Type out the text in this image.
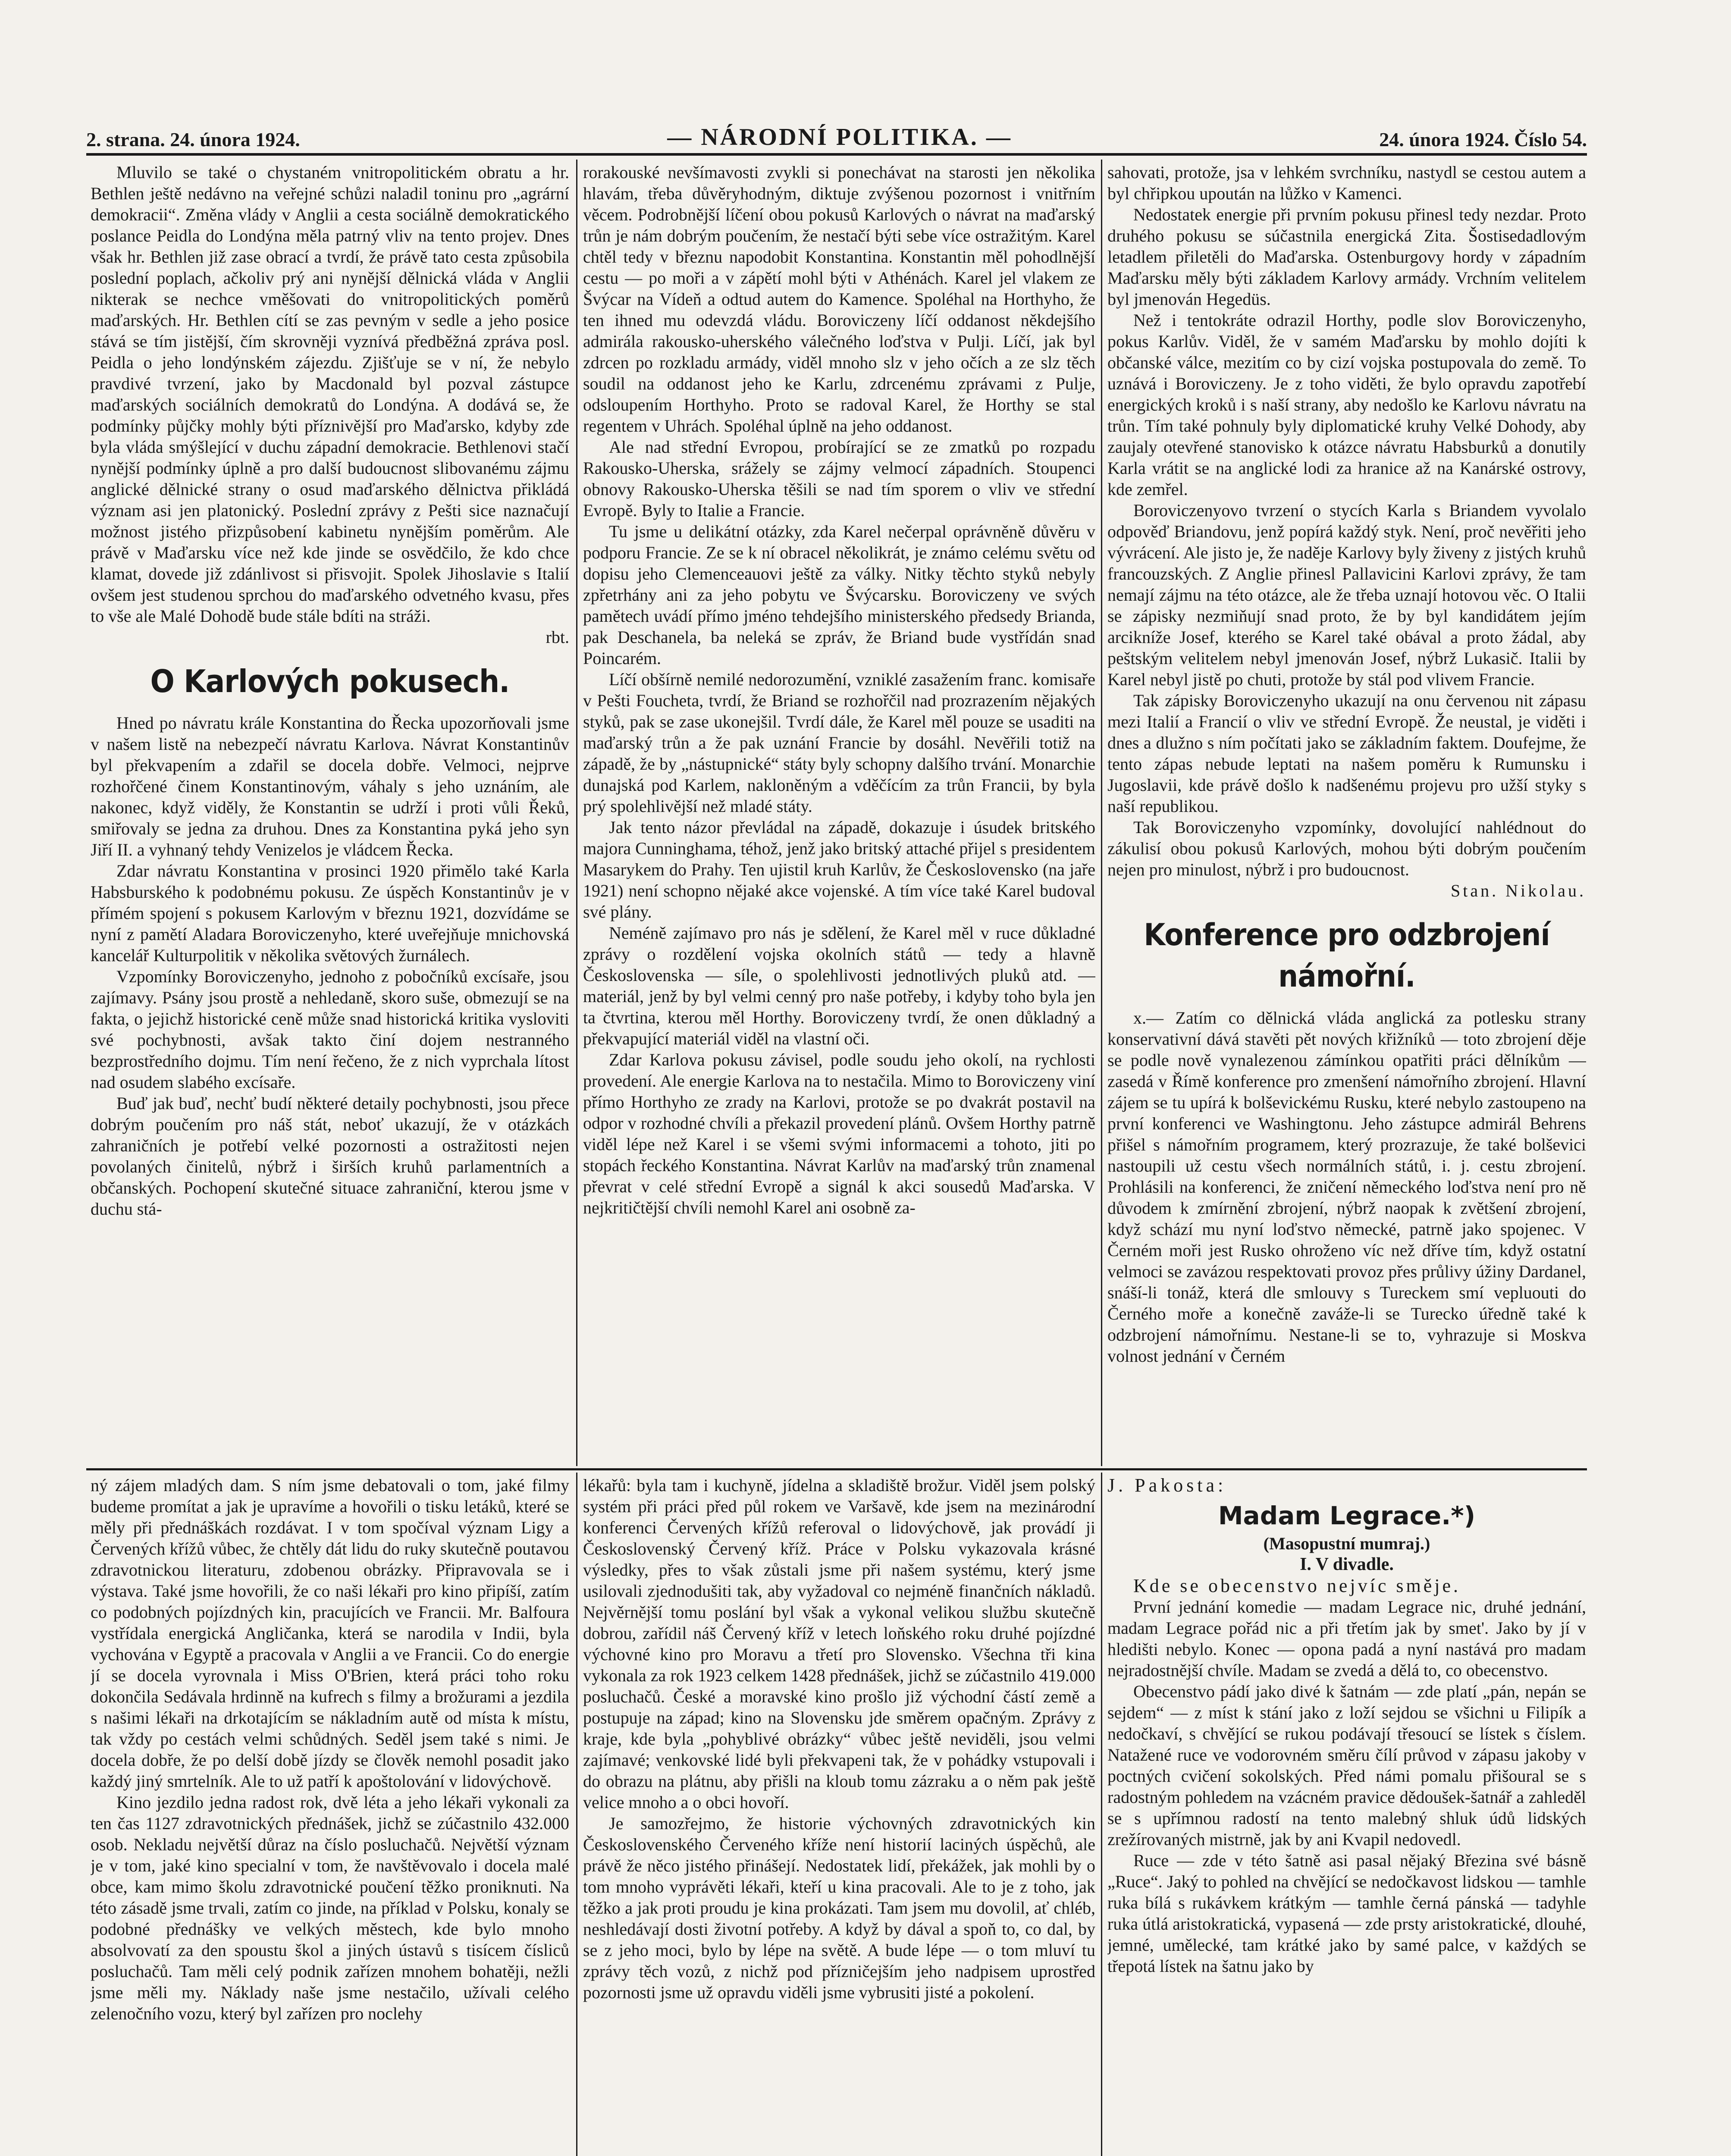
2. strana. 24. února 1924.	— NÁRODNÍ POLITIKA. —	24. února 1924. Číslo 54.

Mluvilo se také o chystaném vnitropolitickém obratu a hr. Bethlen ještě nedávno na veřejné schůzi naladil toninu pro „agrární demokracii“. Změna vlády v Anglii a cesta sociálně demokratického poslance Peidla do Londýna měla patrný vliv na tento projev. Dnes však hr. Bethlen již zase obrací a tvrdí, že právě tato cesta způsobila poslední poplach, ačkoliv prý ani nynější dělnická vláda v Anglii nikterak se nechce vměšovati do vnitropolitických poměrů maďarských. Hr. Bethlen cítí se zas pevným v sedle a jeho posice stává se tím jistější, čím skrovněji vyznívá předběžná zpráva posl. Peidla o jeho londýnském zájezdu. Zjišťuje se v ní, že nebylo pravdivé tvrzení, jako by Macdonald byl pozval zástupce maďarských sociálních demokratů do Londýna. A dodává se, že podmínky půjčky mohly býti příznivější pro Maďarsko, kdyby zde byla vláda smýšlející v duchu západní demokracie. Bethlenovi stačí nynější podmínky úplně a pro další budoucnost slibovanému zájmu anglické dělnické strany o osud maďarského dělnictva přikládá význam asi jen platonický. Poslední zprávy z Pešti sice naznačují možnost jistého přizpůsobení kabinetu nynějším poměrům. Ale právě v Maďarsku více než kde jinde se osvědčilo, že kdo chce klamat, dovede již zdánlivost si přisvojit. Spolek Jihoslavie s Italií ovšem jest studenou sprchou do maďarského odvetného kvasu, přes to vše ale Malé Dohodě bude stále bdíti na stráži.

rbt.

O Karlových pokusech.

Hned po návratu krále Konstantina do Řecka upozorňovali jsme v našem listě na nebezpečí návratu Karlova. Návrat Konstantinův byl překvapením a zdařil se docela dobře. Velmoci, nejprve rozhořčené činem Konstantinovým, váhaly s jeho uznáním, ale nakonec, když viděly, že Konstantin se udrží i proti vůli Řeků, smiřovaly se jedna za druhou. Dnes za Konstantina pyká jeho syn Jiří II. a vyhnaný tehdy Venizelos je vládcem Řecka.

Zdar návratu Konstantina v prosinci 1920 přimělo také Karla Habsburského k podobnému pokusu. Ze úspěch Konstantinův je v přímém spojení s pokusem Karlovým v březnu 1921, dozvídáme se nyní z pamětí Aladara Boroviczenyho, které uveřejňuje mnichovská kancelář Kulturpolitik v několika světových žurnálech.

Vzpomínky Boroviczenyho, jednoho z pobočníků excísaře, jsou zajímavy. Psány jsou prostě a nehledaně, skoro suše, obmezují se na fakta, o jejichž historické ceně může snad historická kritika vysloviti své pochybnosti, avšak takto činí dojem nestranného bezprostředního dojmu. Tím není řečeno, že z nich vyprchala lítost nad osudem slabého excísaře.

Buď jak buď, nechť budí některé detaily pochybnosti, jsou přece dobrým poučením pro náš stát, neboť ukazují, že v otázkách zahraničních je potřebí velké pozornosti a ostražitosti nejen povolaných činitelů, nýbrž i širších kruhů parlamentních a občanských. Pochopení skutečné situace zahraniční, kterou jsme v duchu stá-

rorakouské nevšímavosti zvykli si ponechávat na starosti jen několika hlavám, třeba důvěryhodným, diktuje zvýšenou pozornost i vnitřním věcem. Podrobnější líčení obou pokusů Karlových o návrat na maďarský trůn je nám dobrým poučením, že nestačí býti sebe více ostražitým. Karel chtěl tedy v březnu napodobit Konstantina. Konstantin měl pohodlnější cestu — po moři a v zápětí mohl býti v Athénách. Karel jel vlakem ze Švýcar na Vídeň a odtud autem do Kamence. Spoléhal na Horthyho, že ten ihned mu odevzdá vládu. Boroviczeny líčí oddanost někdejšího admirála rakousko-uherského válečného loďstva v Pulji. Líčí, jak byl zdrcen po rozkladu armády, viděl mnoho slz v jeho očích a ze slz těch soudil na oddanost jeho ke Karlu, zdrcenému zprávami z Pulje, odsloupením Horthyho. Proto se radoval Karel, že Horthy se stal regentem v Uhrách. Spoléhal úplně na jeho oddanost.

Ale nad střední Evropou, probírající se ze zmatků po rozpadu Rakousko-Uherska, srážely se zájmy velmocí západních. Stoupenci obnovy Rakousko-Uherska těšili se nad tím sporem o vliv ve střední Evropě. Byly to Italie a Francie.

Tu jsme u delikátní otázky, zda Karel nečerpal oprávněně důvěru v podporu Francie. Ze se k ní obracel několikrát, je známo celému světu od dopisu jeho Clemenceauovi ještě za války. Nitky těchto styků nebyly zpřetrhány ani za jeho pobytu ve Švýcarsku. Boroviczeny ve svých pamětech uvádí přímo jméno tehdejšího ministerského předsedy Brianda, pak Deschanela, ba neleká se zpráv, že Briand bude vystřídán snad Poincarém.

Líčí obšírně nemilé nedorozumění, vzniklé zasažením franc. komisaře v Pešti Foucheta, tvrdí, že Briand se rozhořčil nad prozrazením nějakých styků, pak se zase ukonejšil. Tvrdí dále, že Karel měl pouze se usaditi na maďarský trůn a že pak uznání Francie by dosáhl. Nevěřili totiž na západě, že by „nástupnické“ státy byly schopny dalšího trvání. Monarchie dunajská pod Karlem, nakloněným a vděčícím za trůn Francii, by byla prý spolehlivější než mladé státy.

Jak tento názor převládal na západě, dokazuje i úsudek britského majora Cunninghama, téhož, jenž jako britský attaché přijel s presidentem Masarykem do Prahy. Ten ujistil kruh Karlův, že Československo (na jaře 1921) není schopno nějaké akce vojenské. A tím více také Karel budoval své plány.

Neméně zajímavo pro nás je sdělení, že Karel měl v ruce důkladné zprávy o rozdělení vojska okolních států — tedy a hlavně Československa — síle, o spolehlivosti jednotlivých pluků atd. — materiál, jenž by byl velmi cenný pro naše potřeby, i kdyby toho byla jen ta čtvrtina, kterou měl Horthy. Boroviczeny tvrdí, že onen důkladný a překvapující materiál viděl na vlastní oči.

Zdar Karlova pokusu závisel, podle soudu jeho okolí, na rychlosti provedení. Ale energie Karlova na to nestačila. Mimo to Boroviczeny viní přímo Horthyho ze zrady na Karlovi, protože se po dvakrát postavil na odpor v rozhodné chvíli a překazil provedení plánů. Ovšem Horthy patrně viděl lépe než Karel i se všemi svými informacemi a tohoto, jiti po stopách řeckého Konstantina. Návrat Karlův na maďarský trůn znamenal převrat v celé střední Evropě a signál k akci sousedů Maďarska. V nejkritičtější chvíli nemohl Karel ani osobně za-

sahovati, protože, jsa v lehkém svrchníku, nastydl se cestou autem a byl chřipkou upoután na lůžko v Kamenci.

Nedostatek energie při prvním pokusu přinesl tedy nezdar. Proto druhého pokusu se súčastnila energická Zita. Šostisedadlovým letadlem přiletěli do Maďarska. Ostenburgovy hordy v západním Maďarsku měly býti základem Karlovy armády. Vrchním velitelem byl jmenován Hegedüs.

Než i tentokráte odrazil Horthy, podle slov Boroviczenyho, pokus Karlův. Viděl, že v samém Maďarsku by mohlo dojíti k občanské válce, mezitím co by cizí vojska postupovala do země. To uznává i Boroviczeny. Je z toho viděti, že bylo opravdu zapotřebí energických kroků i s naší strany, aby nedošlo ke Karlovu návratu na trůn. Tím také pohnuly byly diplomatické kruhy Velké Dohody, aby zaujaly otevřené stanovisko k otázce návratu Habsburků a donutily Karla vrátit se na anglické lodi za hranice až na Kanárské ostrovy, kde zemřel.

Boroviczenyovo tvrzení o stycích Karla s Briandem vyvolalo odpověď Briandovu, jenž popírá každý styk. Není, proč nevěřiti jeho vývrácení. Ale jisto je, že naděje Karlovy byly živeny z jistých kruhů francouzských. Z Anglie přinesl Pallavicini Karlovi zprávy, že tam nemají zájmu na této otázce, ale že třeba uznají hotovou věc. O Italii se zápisky nezmiňují snad proto, že by byl kandidátem jejím arcikníže Josef, kterého se Karel také obával a proto žádal, aby peštským velitelem nebyl jmenován Josef, nýbrž Lukasič. Italii by Karel nebyl jistě po chuti, protože by stál pod vlivem Francie.

Tak zápisky Boroviczenyho ukazují na onu červenou nit zápasu mezi Italií a Francií o vliv ve střední Evropě. Že neustal, je viděti i dnes a dlužno s ním počítati jako se základním faktem. Doufejme, že tento zápas nebude leptati na našem poměru k Rumunsku i Jugoslavii, kde právě došlo k nadšenému projevu pro užší styky s naší republikou.

Tak Boroviczenyho vzpomínky, dovolující nahlédnout do zákulisí obou pokusů Karlových, mohou býti dobrým poučením nejen pro minulost, nýbrž i pro budoucnost.

Stan. Nikolau.

Konference pro odzbrojení námořní.

x.— Zatím co dělnická vláda anglická za potlesku strany konservativní dává stavěti pět nových křižníků — toto zbrojení děje se podle nově vynalezenou zámínkou opatřiti práci dělníkům — zasedá v Římě konference pro zmenšení námořního zbrojení. Hlavní zájem se tu upírá k bolševickému Rusku, které nebylo zastoupeno na první konferenci ve Washingtonu. Jeho zástupce admirál Behrens přišel s námořním programem, který prozrazuje, že také bolševici nastoupili už cestu všech normálních států, i. j. cestu zbrojení. Prohlásili na konferenci, že zničení německého loďstva není pro ně důvodem k zmírnění zbrojení, nýbrž naopak k zvětšení zbrojení, když schází mu nyní loďstvo německé, patrně jako spojenec. V Černém moři jest Rusko ohroženo víc než dříve tím, když ostatní velmoci se zavázou respektovati provoz přes průlivy úžiny Dardanel, snáší-li tonáž, která dle smlouvy s Tureckem smí vepluouti do Černého moře a konečně zaváže-li se Turecko úředně také k odzbrojení námořnímu. Nestane-li se to, vyhrazuje si Moskva volnost jednání v Černém

ný zájem mladých dam. S ním jsme debatovali o tom, jaké filmy budeme promítat a jak je upravíme a hovořili o tisku letáků, které se měly při přednáškách rozdávat. I v tom spočíval význam Ligy a Červených křížů vůbec, že chtěly dát lidu do ruky skutečně poutavou zdravotnickou literaturu, zdobenou obrázky. Připravovala se i výstava. Také jsme hovořili, že co naši lékaři pro kino připíší, zatím co podobných pojízdných kin, pracujících ve Francii. Mr. Balfoura vystřídala energická Angličanka, která se narodila v Indii, byla vychována v Egyptě a pracovala v Anglii a ve Francii. Co do energie jí se docela vyrovnala i Miss O'Brien, která práci toho roku dokončila Sedávala hrdinně na kufrech s filmy a brožurami a jezdila s našimi lékaři na drkotajícím se nákladním autě od místa k místu, tak vždy po cestách velmi schůdných. Seděl jsem také s nimi. Je docela dobře, že po delší době jízdy se člověk nemohl posadit jako každý jiný smrtelník. Ale to už patří k apoštolování v lidovýchově.

Kino jezdilo jedna radost rok, dvě léta a jeho lékaři vykonali za ten čas 1127 zdravotnických přednášek, jichž se zúčastnilo 432.000 osob. Nekladu největší důraz na číslo posluchačů. Největší význam je v tom, jaké kino specialní v tom, že navštěvovalo i docela malé obce, kam mimo školu zdravotnické poučení těžko proniknuti. Na této zásadě jsme trvali, zatím co jinde, na příklad v Polsku, konaly se podobné přednášky ve velkých městech, kde bylo mnoho absolvovatí za den spoustu škol a jiných ústavů s tisícem čísliců posluchačů. Tam měli celý podnik zařízen mnohem bohatěji, nežli jsme měli my. Náklady naše jsme nestačilo, užívali celého zelenočního vozu, který byl zařízen pro noclehy

lékařů: byla tam i kuchyně, jídelna a skladiště brožur. Viděl jsem polský systém při práci před půl rokem ve Varšavě, kde jsem na mezinárodní konferenci Červených křížů referoval o lidovýchově, jak provádí ji Československý Červený kříž. Práce v Polsku vykazovala krásné výsledky, přes to však zůstali jsme při našem systému, který jsme usilovali zjednodušiti tak, aby vyžadoval co nejméně finančních nákladů. Nejvěrnější tomu poslání byl však a vykonal velikou službu skutečně dobrou, zařídil náš Červený kříž v letech loňského roku druhé pojízdné výchovné kino pro Moravu a třetí pro Slovensko. Všechna tři kina vykonala za rok 1923 celkem 1428 přednášek, jichž se zúčastnilo 419.000 posluchačů. České a moravské kino prošlo již východní částí země a postupuje na západ; kino na Slovensku jde směrem opačným. Zprávy z kraje, kde byla „pohyblivé obrázky“ vůbec ještě neviděli, jsou velmi zajímavé; venkovské lidé byli překvapeni tak, že v pohádky vstupovali i do obrazu na plátnu, aby přišli na kloub tomu zázraku a o něm pak ještě velice mnoho a o obci hovoří.

Je samozřejmo, že historie výchovných zdravotnických kin Československého Červeného kříže není historií laciných úspěchů, ale právě že něco jistého přinášejí. Nedostatek lidí, překážek, jak mohli by o tom mnoho vyprávěti lékaři, kteří u kina pracovali. Ale to je z toho, jak těžko a jak proti proudu je kina prokázati. Tam jsem mu dovolil, ať chléb, neshledávají dosti životní potřeby. A když by dával a spoň to, co dal, by se z jeho moci, bylo by lépe na světě. A bude lépe — o tom mluví tu zprávy těch vozů, z nichž pod přízničejším jeho nadpisem uprostřed pozornosti jsme už opravdu viděli jsme vybrusiti jisté a pokolení.

J. Pakosta:

Madam Legrace.*)

(Masopustní mumraj.)

I. V divadle.

Kde se obecenstvo nejvíc směje.

První jednání komedie — madam Legrace nic, druhé jednání, madam Legrace pořád nic a při třetím jak by smet'. Jako by jí v hledišti nebylo. Konec — opona padá a nyní nastává pro madam nejradostnější chvíle. Madam se zvedá a dělá to, co obecenstvo.

Obecenstvo pádí jako divé k šatnám — zde platí „pán, nepán se sejdem“ — z míst k stání jako z loží sejdou se všichni u Filipík a nedočkaví, s chvějící se rukou podávají třesoucí se lístek s číslem. Natažené ruce ve vodorovném směru čílí průvod v zápasu jakoby v poctných cvičení sokolských. Před námi pomalu přišoural se s radostným pohledem na vzácném pravice dědoušek-šatnář a zahleděl se s upřímnou radostí na tento malebný shluk údů lidských zrežírovaných mistrně, jak by ani Kvapil nedovedl.

Ruce — zde v této šatně asi pasal nějaký Březina své básně „Ruce“. Jaký to pohled na chvějící se nedočkavost lidskou — tamhle ruka bílá s rukávkem krátkým — tamhle černá pánská — tadyhle ruka útlá aristokratická, vypasená — zde prsty aristokratické, dlouhé, jemné, umělecké, tam krátké jako by samé palce, v každých se třepotá lístek na šatnu jako by
